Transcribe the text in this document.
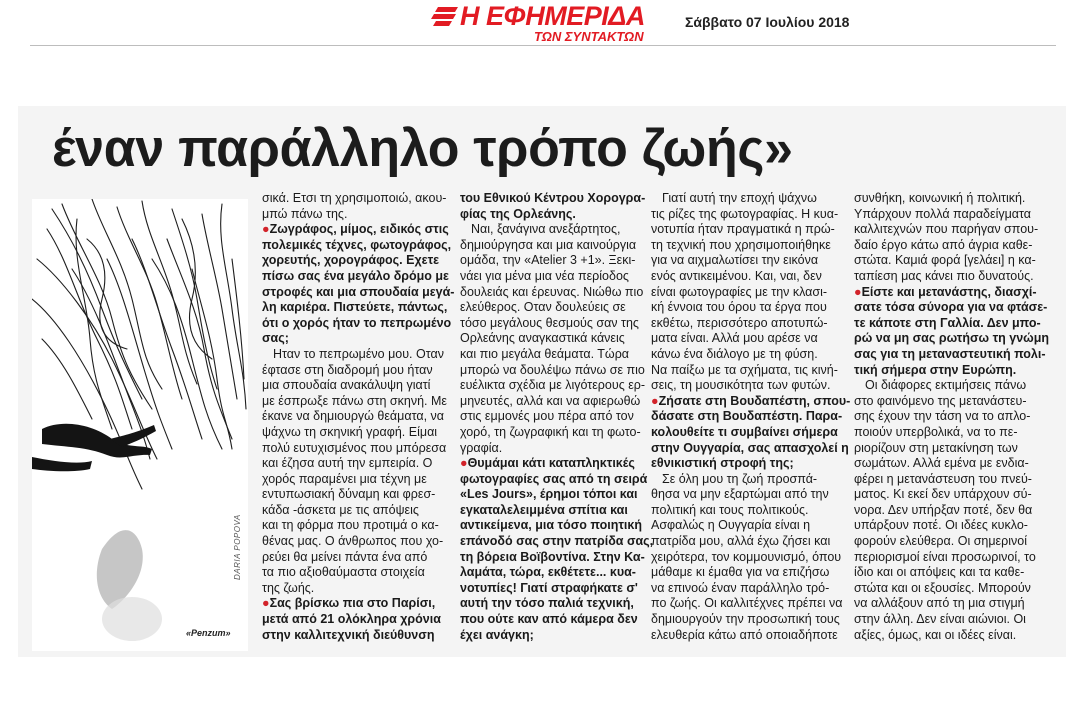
Η ΕΦΗΜΕΡΙΔΑ
ΤΩΝ ΣΥΝΤΑΚΤΩΝ
Σάββατο 07 Ιουλίου 2018
έναν παράλληλο τρόπο ζωής»
DARIA POPOVA
«Penzum»

σικά. Ετσι τη χρησιμοποιώ, ακου-

μπώ πάνω της.

●Ζωγράφος, μίμος, ειδικός στις

πολεμικές τέχνες, φωτογράφος,

χορευτής, χορογράφος. Εχετε

πίσω σας ένα μεγάλο δρόμο με

στροφές και μια σπουδαία μεγά-

λη καριέρα. Πιστεύετε, πάντως,

ότι ο χορός ήταν το πεπρωμένο

σας;

Ηταν το πεπρωμένο μου. Οταν

έφτασε στη διαδρομή μου ήταν

μια σπουδαία ανακάλυψη γιατί

με έσπρωξε πάνω στη σκηνή. Με

έκανε να δημιουργώ θεάματα, να

ψάχνω τη σκηνική γραφή. Είμαι

πολύ ευτυχισμένος που μπόρεσα

και έζησα αυτή την εμπειρία. Ο

χορός παραμένει μια τέχνη με

εντυπωσιακή δύναμη και φρεσ-

κάδα -άσκετα με τις απόψεις

και τη φόρμα που προτιμά ο κα-

θένας μας. Ο άνθρωπος που χο-

ρεύει θα μείνει πάντα ένα από

τα πιο αξιοθαύμαστα στοιχεία

της ζωής.

●Σας βρίσκω πια στο Παρίσι,

μετά από 21 ολόκληρα χρόνια

στην καλλιτεχνική διεύθυνση

του Εθνικού Κέντρου Χορογρα-

φίας της Ορλεάνης.

Ναι, ξανάγινα ανεξάρτητος,

δημιούργησα και μια καινούργια

ομάδα, την «Atelier 3 +1». Ξεκι-

νάει για μένα μια νέα περίοδος

δουλειάς και έρευνας. Νιώθω πιο

ελεύθερος. Οταν δουλεύεις σε

τόσο μεγάλους θεσμούς σαν της

Ορλεάνης αναγκαστικά κάνεις

και πιο μεγάλα θεάματα. Τώρα

μπορώ να δουλέψω πάνω σε πιο

ευέλικτα σχέδια με λιγότερους ερ-

μηνευτές, αλλά και να αφιερωθώ

στις εμμονές μου πέρα από τον

χορό, τη ζωγραφική και τη φωτο-

γραφία.

●Θυμάμαι κάτι καταπληκτικές

φωτογραφίες σας από τη σειρά

«Les Jours», έρημοι τόποι και

εγκαταλελειμμένα σπίτια και

αντικείμενα, μια τόσο ποιητική

επάνοδό σας στην πατρίδα σας,

τη βόρεια Βοϊβοντίνα. Στην Κα-

λαμάτα, τώρα, εκθέτετε... κυα-

νοτυπίες! Γιατί στραφήκατε σ'

αυτή την τόσο παλιά τεχνική,

που ούτε καν από κάμερα δεν

έχει ανάγκη;

Γιατί αυτή την εποχή ψάχνω

τις ρίζες της φωτογραφίας. Η κυα-

νοτυπία ήταν πραγματικά η πρώ-

τη τεχνική που χρησιμοποιήθηκε

για να αιχμαλωτίσει την εικόνα

ενός αντικειμένου. Και, ναι, δεν

είναι φωτογραφίες με την κλασι-

κή έννοια του όρου τα έργα που

εκθέτω, περισσότερο αποτυπώ-

ματα είναι. Αλλά μου αρέσε να

κάνω ένα διάλογο με τη φύση.

Να παίξω με τα σχήματα, τις κινή-

σεις, τη μουσικότητα των φυτών.

●Ζήσατε στη Βουδαπέστη, σπου-

δάσατε στη Βουδαπέστη. Παρα-

κολουθείτε τι συμβαίνει σήμερα

στην Ουγγαρία, σας απασχολεί η

εθνικιστική στροφή της;

Σε όλη μου τη ζωή προσπά-

θησα να μην εξαρτώμαι από την

πολιτική και τους πολιτικούς.

Ασφαλώς η Ουγγαρία είναι η

πατρίδα μου, αλλά έχω ζήσει και

χειρότερα, τον κομμουνισμό, όπου

μάθαμε κι έμαθα για να επιζήσω

να επινοώ έναν παράλληλο τρό-

πο ζωής. Οι καλλιτέχνες πρέπει να

δημιουργούν την προσωπική τους

ελευθερία κάτω από οποιαδήποτε

συνθήκη, κοινωνική ή πολιτική.

Υπάρχουν πολλά παραδείγματα

καλλιτεχνών που παρήγαν σπου-

δαίο έργο κάτω από άγρια καθε-

στώτα. Καμιά φορά [γελάει] η κα-

ταπίεση μας κάνει πιο δυνατούς.

●Είστε και μετανάστης, διασχί-

σατε τόσα σύνορα για να φτάσε-

τε κάποτε στη Γαλλία. Δεν μπο-

ρώ να μη σας ρωτήσω τη γνώμη

σας για τη μεταναστευτική πολι-

τική σήμερα στην Ευρώπη.

Οι διάφορες εκτιμήσεις πάνω

στο φαινόμενο της μετανάστευ-

σης έχουν την τάση να το απλο-

ποιούν υπερβολικά, να το πε-

ριορίζουν στη μετακίνηση των

σωμάτων. Αλλά εμένα με ενδια-

φέρει η μετανάστευση του πνεύ-

ματος. Κι εκεί δεν υπάρχουν σύ-

νορα. Δεν υπήρξαν ποτέ, δεν θα

υπάρξουν ποτέ. Οι ιδέες κυκλο-

φορούν ελεύθερα. Οι σημερινοί

περιορισμοί είναι προσωρινοί, το

ίδιο και οι απόψεις και τα καθε-

στώτα και οι εξουσίες. Μπορούν

να αλλάξουν από τη μια στιγμή

στην άλλη. Δεν είναι αιώνιοι. Οι

αξίες, όμως, και οι ιδέες είναι.
